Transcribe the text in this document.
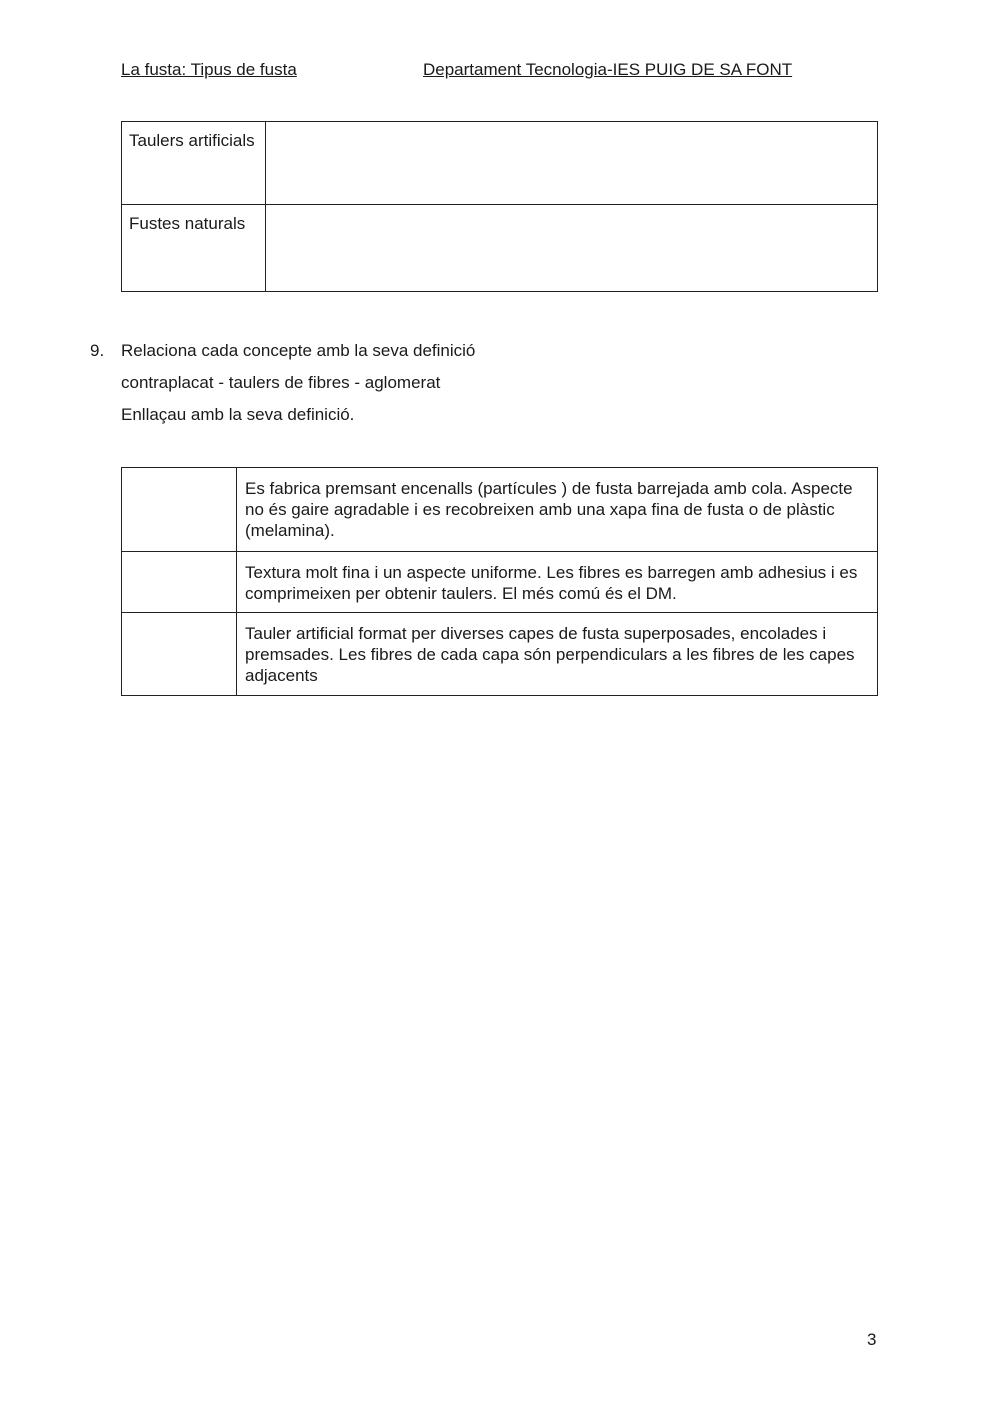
La fusta: Tipus de fusta	Departament Tecnologia-IES PUIG DE SA FONT
Taulers artificials	
Fustes naturals	
9. Relaciona cada concepte amb la seva definició
contraplacat - taulers de fibres - aglomerat
Enllaçau amb la seva definició.
	Es fabrica premsant encenalls (partícules ) de fusta barrejada amb cola. Aspecte no és gaire agradable i es recobreixen amb una xapa fina de fusta o de plàstic (melamina).
	Textura molt fina i un aspecte uniforme. Les fibres es barregen amb adhesius i es comprimeixen per obtenir taulers. El més comú és el DM.
	Tauler artificial format per diverses capes de fusta superposades, encolades i premsades. Les fibres de cada capa són perpendiculars a les fibres de les capes adjacents
3
